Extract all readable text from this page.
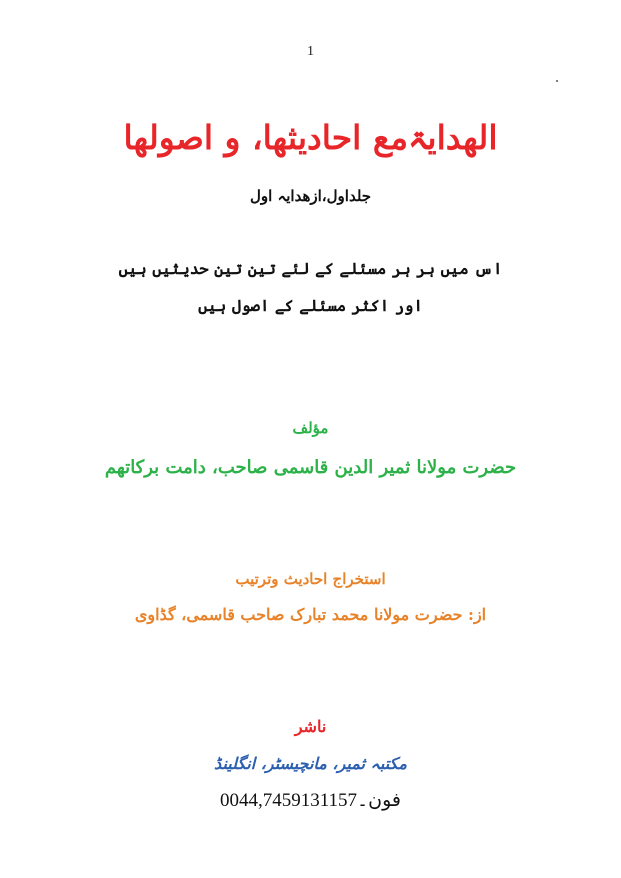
1
الھدایۃمع احادیثھا، و اصولھا
جلداول،ازھدایہ اول
اس میں ہر ہر مسئلے کے لئے تین تین حدیثیں ہیں
اور اکثر مسئلے کے اصول ہیں
مؤلف
حضرت مولانا ثمیر الدین قاسمی صاحب، دامت برکاتھم
استخراج احادیث وترتیب
از: حضرت مولانا محمد تبارک صاحب قاسمی، گڈاوی
ناشر
مکتبہ ثمیر، مانچیسٹر، انگلینڈ
فون۔0044,7459131157
